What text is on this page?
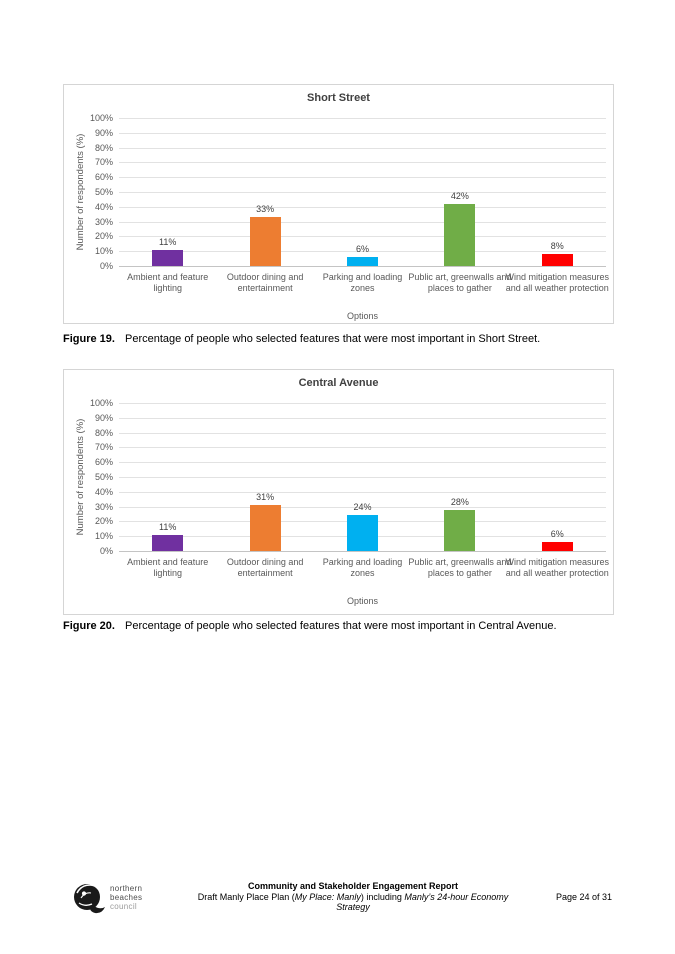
Short Street
Number of respondents (%)
0%
10%
20%
30%
40%
50%
60%
70%
80%
90%
100%
11%
Ambient and feature lighting
33%
Outdoor dining and entertainment
6%
Parking and loading zones
42%
Public art, greenwalls and places to gather
8%
Wind mitigation measures and all weather protection
Options
Figure 19. Percentage of people who selected features that were most important in Short Street.
Central Avenue
Number of respondents (%)
0%
10%
20%
30%
40%
50%
60%
70%
80%
90%
100%
11%
Ambient and feature lighting
31%
Outdoor dining and entertainment
24%
Parking and loading zones
28%
Public art, greenwalls and places to gather
6%
Wind mitigation measures and all weather protection
Options
Figure 20. Percentage of people who selected features that were most important in Central Avenue.
northern
beaches
council
Community and Stakeholder Engagement Report
Draft Manly Place Plan (My Place: Manly) including Manly’s 24-hour Economy Strategy
Page 24 of 31
